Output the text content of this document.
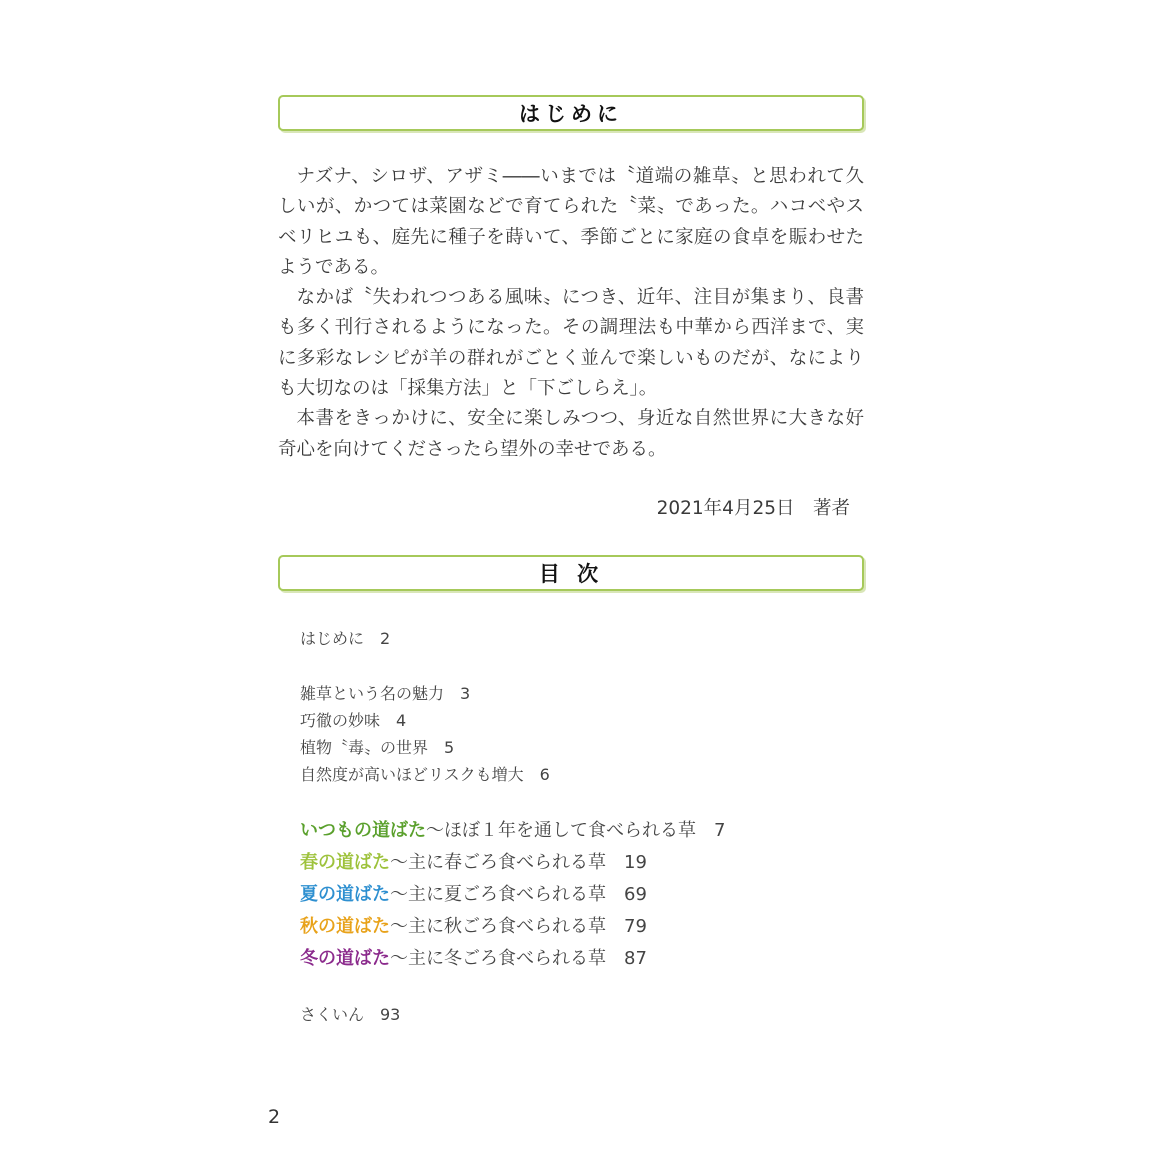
はじめに

ナズナ、シロザ、アザミ――いまでは〝道端の雑草〟と思われて久しいが、かつては菜園などで育てられた〝菜〟であった。ハコベやスベリヒユも、庭先に種子を蒔いて、季節ごとに家庭の食卓を賑わせたようである。

なかば〝失われつつある風味〟につき、近年、注目が集まり、良書も多く刊行されるようになった。その調理法も中華から西洋まで、実に多彩なレシピが羊の群れがごとく並んで楽しいものだが、なによりも大切なのは「採集方法」と「下ごしらえ」。

本書をきっかけに、安全に楽しみつつ、身近な自然世界に大きな好奇心を向けてくださったら望外の幸せである。

2021年4月25日　著者
目 次
はじめに　2
雑草という名の魅力　3
巧徹の妙味　4
植物〝毒〟の世界　5
自然度が高いほどリスクも増大　6
いつもの道ばた〜ほぼ１年を通して食べられる草　7
春の道ばた〜主に春ごろ食べられる草　19
夏の道ばた〜主に夏ごろ食べられる草　69
秋の道ばた〜主に秋ごろ食べられる草　79
冬の道ばた〜主に冬ごろ食べられる草　87
さくいん　93
2
